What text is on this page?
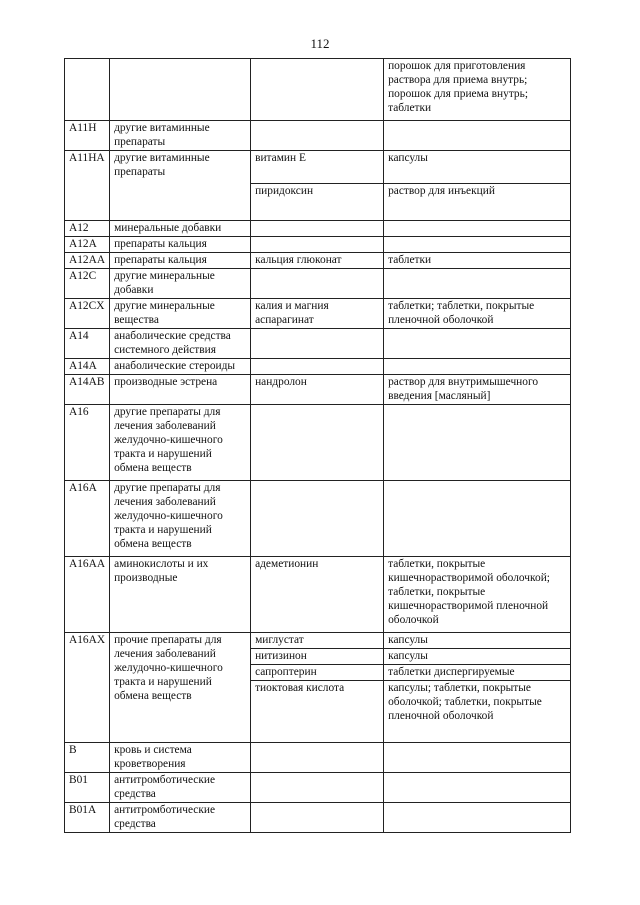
112
			порошок для приготовления раствора для приема внутрь; порошок для приема внутрь; таблетки
A11H	другие витаминные препараты		
A11HA	другие витаминные препараты	витамин Е	капсулы
		пиридоксин	раствор для инъекций
A12	минеральные добавки		
A12A	препараты кальция		
A12AA	препараты кальция	кальция глюконат	таблетки
A12C	другие минеральные добавки		
A12CX	другие минеральные вещества	калия и магния аспарагинат	таблетки; таблетки, покрытые пленочной оболочкой
A14	анаболические средства системного действия		
A14A	анаболические стероиды		
A14AB	производные эстрена	нандролон	раствор для внутримышечного введения [масляный]
A16	другие препараты для лечения заболеваний желудочно-кишечного тракта и нарушений обмена веществ		
A16A	другие препараты для лечения заболеваний желудочно-кишечного тракта и нарушений обмена веществ		
A16AA	аминокислоты и их производные	адеметионин	таблетки, покрытые кишечнорастворимой оболочкой; таблетки, покрытые кишечнорастворимой пленочной оболочкой
A16AX	прочие препараты для лечения заболеваний желудочно-кишечного тракта и нарушений обмена веществ	миглустат	капсулы
		нитизинон	капсулы
		сапроптерин	таблетки диспергируемые
		тиоктовая кислота	капсулы; таблетки, покрытые оболочкой; таблетки, покрытые пленочной оболочкой
B	кровь и система кроветворения		
B01	антитромботические средства		
B01A	антитромботические средства		
